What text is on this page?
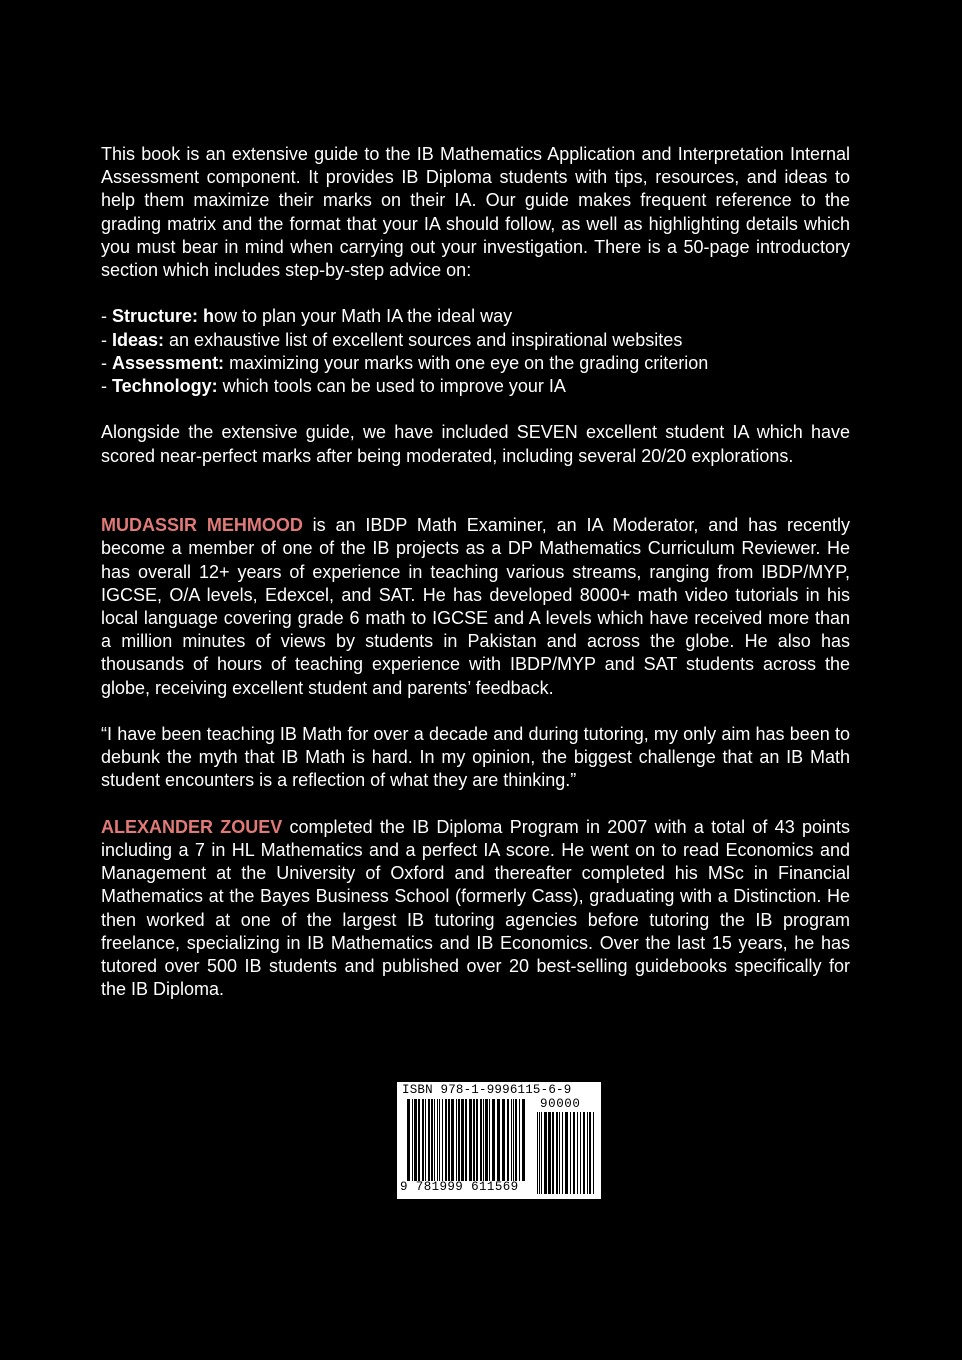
This book is an extensive guide to the IB Mathematics Application and Interpretation Internal Assessment component. It provides IB Diploma students with tips, resources, and ideas to help them maximize their marks on their IA. Our guide makes frequent reference to the grading matrix and the format that your IA should follow, as well as highlighting details which you must bear in mind when carrying out your investigation. There is a 50-page introductory section which includes step-by-step advice on:

- Structure: how to plan your Math IA the ideal way
- Ideas: an exhaustive list of excellent sources and inspirational websites
- Assessment: maximizing your marks with one eye on the grading criterion
- Technology: which tools can be used to improve your IA

Alongside the extensive guide, we have included SEVEN excellent student IA which have scored near-perfect marks after being moderated, including several 20/20 explorations.

MUDASSIR MEHMOOD is an IBDP Math Examiner, an IA Moderator, and has recently become a member of one of the IB projects as a DP Mathematics Curriculum Reviewer. He has overall 12+ years of experience in teaching various streams, ranging from IBDP/MYP, IGCSE, O/A levels, Edexcel, and SAT. He has developed 8000+ math video tutorials in his local language covering grade 6 math to IGCSE and A levels which have received more than a million minutes of views by students in Pakistan and across the globe. He also has thousands of hours of teaching experience with IBDP/MYP and SAT students across the globe, receiving excellent student and parents’ feedback.

“I have been teaching IB Math for over a decade and during tutoring, my only aim has been to debunk the myth that IB Math is hard. In my opinion, the biggest challenge that an IB Math student encounters is a reflection of what they are thinking.”

ALEXANDER ZOUEV completed the IB Diploma Program in 2007 with a total of 43 points including a 7 in HL Mathematics and a perfect IA score. He went on to read Economics and Management at the University of Oxford and thereafter completed his MSc in Financial Mathematics at the Bayes Business School (formerly Cass), graduating with a Distinction. He then worked at one of the largest IB tutoring agencies before tutoring the IB program freelance, specializing in IB Mathematics and IB Economics. Over the last 15 years, he has tutored over 500 IB students and published over 20 best-selling guidebooks specifically for the IB Diploma.

ISBN 978-1-9996115-6-9
90000
9 781999 611569
